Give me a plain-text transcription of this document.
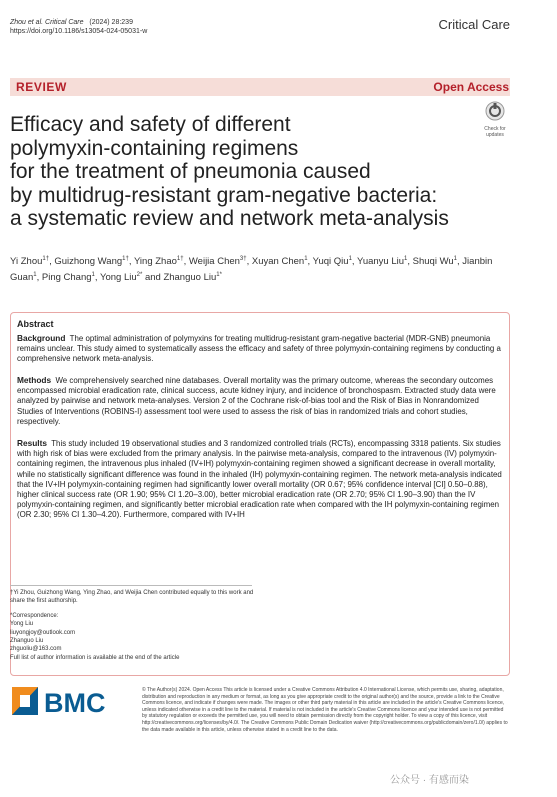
Zhou et al. Critical Care (2024) 28:239
https://doi.org/10.1186/s13054-024-05031-w	Critical Care
REVIEW	Open Access
Check for updates
Efficacy and safety of different
polymyxin-containing regimens
for the treatment of pneumonia caused
by multidrug-resistant gram-negative bacteria:
a systematic review and network meta-analysis
Yi Zhou$^{1\dagger}$, Guizhong Wang$^{1\dagger}$, Ying Zhao$^{1\dagger}$, Weijia Chen$^{3\dagger}$, Xuyan Chen$^1$, Yuqi Qiu$^1$, Yuanyu Liu$^1$, Shuqi Wu$^1$, Jianbin Guan$^1$, Ping Chang$^1$, Yong Liu$^{2*}$ and Zhanguo Liu$^{1*}$
Abstract
Background The optimal administration of polymyxins for treating multidrug-resistant gram-negative bacterial (MDR-GNB) pneumonia remains unclear. This study aimed to systematically assess the efficacy and safety of three polymyxin-containing regimens by conducting a comprehensive network meta-analysis.
Methods We comprehensively searched nine databases. Overall mortality was the primary outcome, whereas the secondary outcomes encompassed microbial eradication rate, clinical success, acute kidney injury, and incidence of bronchospasm. Extracted study data were analyzed by pairwise and network meta-analyses. Version 2 of the Cochrane risk-of-bias tool and the Risk of Bias in Nonrandomized Studies of Interventions (ROBINS-I) assessment tool were used to assess the risk of bias in randomized trials and cohort studies, respectively.
Results This study included 19 observational studies and 3 randomized controlled trials (RCTs), encompassing 3318 patients. Six studies with high risk of bias were excluded from the primary analysis. In the pairwise meta-analysis, compared to the intravenous (IV) polymyxin-containing regimen, the intravenous plus inhaled (IV+IH) polymyxin-containing regimen showed a significant decrease in overall mortality, while no statistically significant difference was found in the inhaled (IH) polymyxin-containing regimen. The network meta-analysis indicated that the IV+IH polymyxin-containing regimen had significantly lower overall mortality (OR 0.67; 95% confidence interval [CI] 0.50–0.88), higher clinical success rate (OR 1.90; 95% CI 1.20–3.00), better microbial eradication rate (OR 2.70; 95% CI 1.90–3.90) than the IV polymyxin-containing regimen, and significantly better microbial eradication rate when compared with the IH polymyxin-containing regimen (OR 2.30; 95% CI 1.30–4.20). Furthermore, compared with IV+IH
†Yi Zhou, Guizhong Wang, Ying Zhao, and Weijia Chen contributed equally to this work and share the first authorship.
*Correspondence:
Yong Liu
liuyongjoy@outlook.com
Zhanguo Liu
zhguoliu@163.com
Full list of author information is available at the end of the article
BMC	© The Author(s) 2024. Open Access This article is licensed under a Creative Commons Attribution 4.0 International License, which permits use, sharing, adaptation, distribution and reproduction in any medium or format, as long as you give appropriate credit to the original author(s) and the source, provide a link to the Creative Commons licence, and indicate if changes were made. The images or other third party material in this article are included in the article's Creative Commons licence, unless indicated otherwise in a credit line to the material. If material is not included in the article's Creative Commons licence and your intended use is not permitted by statutory regulation or exceeds the permitted use, you will need to obtain permission directly from the copyright holder. To view a copy of this licence, visit http://creativecommons.org/licenses/by/4.0/. The Creative Commons Public Domain Dedication waiver (http://creativecommons.org/publicdomain/zero/1.0/) applies to the data made available in this article, unless otherwise stated in a credit line to the data.
公众号 · 有感而染
